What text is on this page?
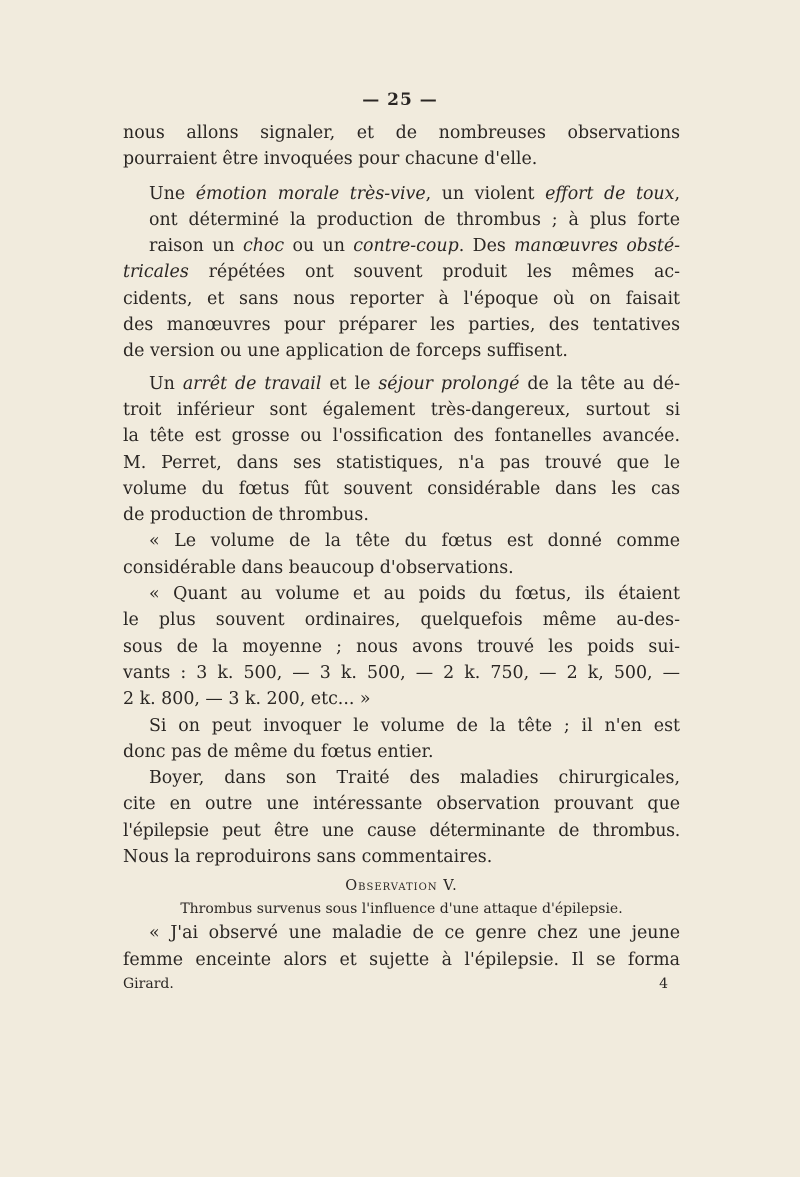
— 25 —

nous allons signaler, et de nombreuses observations
pourraient être invoquées pour chacune d'elle.

Une émotion morale très-vive, un violent effort de toux,
ont déterminé la production de thrombus ; à plus forte
raison un choc ou un contre-coup. Des manœuvres obsté-
tricales répétées ont souvent produit les mêmes ac-
cidents, et sans nous reporter à l'époque où on faisait
des manœuvres pour préparer les parties, des tentatives
de version ou une application de forceps suffisent.

Un arrêt de travail et le séjour prolongé de la tête au dé-
troit inférieur sont également très-dangereux, surtout si
la tête est grosse ou l'ossification des fontanelles avancée.
M. Perret, dans ses statistiques, n'a pas trouvé que le
volume du fœtus fût souvent considérable dans les cas
de production de thrombus.

« Le volume de la tête du fœtus est donné comme
considérable dans beaucoup d'observations.

« Quant au volume et au poids du fœtus, ils étaient
le plus souvent ordinaires, quelquefois même au-des-
sous de la moyenne ; nous avons trouvé les poids sui-
vants : 3 k. 500, — 3 k. 500, — 2 k. 750, — 2 k, 500, —
2 k. 800, — 3 k. 200, etc... »

Si on peut invoquer le volume de la tête ; il n'en est
donc pas de même du fœtus entier.

Boyer, dans son Traité des maladies chirurgicales,
cite en outre une intéressante observation prouvant que
l'épilepsie peut être une cause déterminante de thrombus.
Nous la reproduirons sans commentaires.

Observation V.
Thrombus survenus sous l'influence d'une attaque d'épilepsie.

« J'ai observé une maladie de ce genre chez une jeune
femme enceinte alors et sujette à l'épilepsie. Il se forma

Girard.	4
